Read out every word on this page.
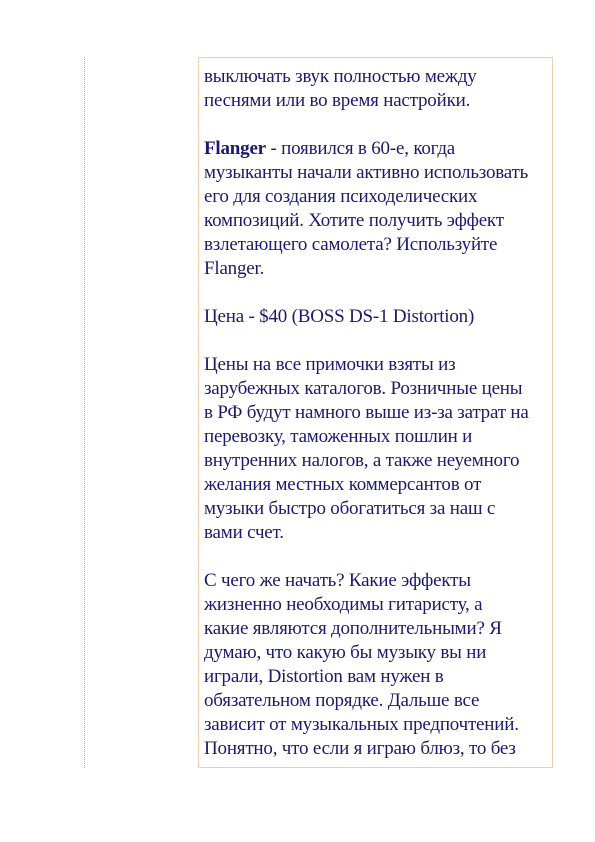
выключать звук полностью между
песнями или во время настройки.

Flanger - появился в 60-е, когда
музыканты начали активно использовать
его для создания психоделических
композиций. Хотите получить эффект
взлетающего самолета? Используйте
Flanger.

Цена - $40 (BOSS DS-1 Distortion)

Цены на все примочки взяты из
зарубежных каталогов. Розничные цены
в РФ будут намного выше из-за затрат на
перевозку, таможенных пошлин и
внутренних налогов, а также неуемного
желания местных коммерсантов от
музыки быстро обогатиться за наш с
вами счет.

С чего же начать? Какие эффекты
жизненно необходимы гитаристу, а
какие являются дополнительными? Я
думаю, что какую бы музыку вы ни
играли, Distortion вам нужен в
обязательном порядке. Дальше все
зависит от музыкальных предпочтений.
Понятно, что если я играю блюз, то без
